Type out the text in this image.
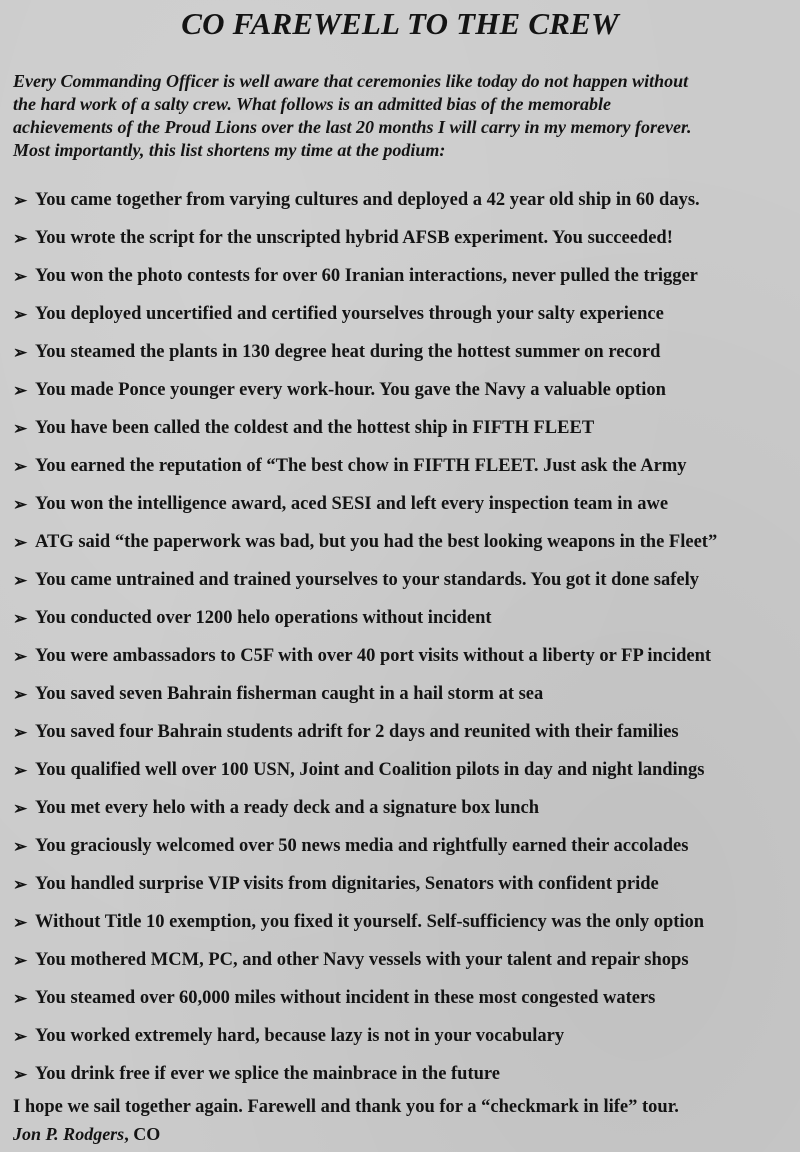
CO FAREWELL TO THE CREW
Every Commanding Officer is well aware that ceremonies like today do not happen without
the hard work of a salty crew. What follows is an admitted bias of the memorable
achievements of the Proud Lions over the last 20 months I will carry in my memory forever.
Most importantly, this list shortens my time at the podium:
➢ You came together from varying cultures and deployed a 42 year old ship in 60 days.
➢ You wrote the script for the unscripted hybrid AFSB experiment. You succeeded!
➢ You won the photo contests for over 60 Iranian interactions, never pulled the trigger
➢ You deployed uncertified and certified yourselves through your salty experience
➢ You steamed the plants in 130 degree heat during the hottest summer on record
➢ You made Ponce younger every work-hour. You gave the Navy a valuable option
➢ You have been called the coldest and the hottest ship in FIFTH FLEET
➢ You earned the reputation of “The best chow in FIFTH FLEET. Just ask the Army
➢ You won the intelligence award, aced SESI and left every inspection team in awe
➢ ATG said “the paperwork was bad, but you had the best looking weapons in the Fleet”
➢ You came untrained and trained yourselves to your standards. You got it done safely
➢ You conducted over 1200 helo operations without incident
➢ You were ambassadors to C5F with over 40 port visits without a liberty or FP incident
➢ You saved seven Bahrain fisherman caught in a hail storm at sea
➢ You saved four Bahrain students adrift for 2 days and reunited with their families
➢ You qualified well over 100 USN, Joint and Coalition pilots in day and night landings
➢ You met every helo with a ready deck and a signature box lunch
➢ You graciously welcomed over 50 news media and rightfully earned their accolades
➢ You handled surprise VIP visits from dignitaries, Senators with confident pride
➢ Without Title 10 exemption, you fixed it yourself. Self-sufficiency was the only option
➢ You mothered MCM, PC, and other Navy vessels with your talent and repair shops
➢ You steamed over 60,000 miles without incident in these most congested waters
➢ You worked extremely hard, because lazy is not in your vocabulary
➢ You drink free if ever we splice the mainbrace in the future
I hope we sail together again. Farewell and thank you for a “checkmark in life” tour.
Jon P. Rodgers, CO
